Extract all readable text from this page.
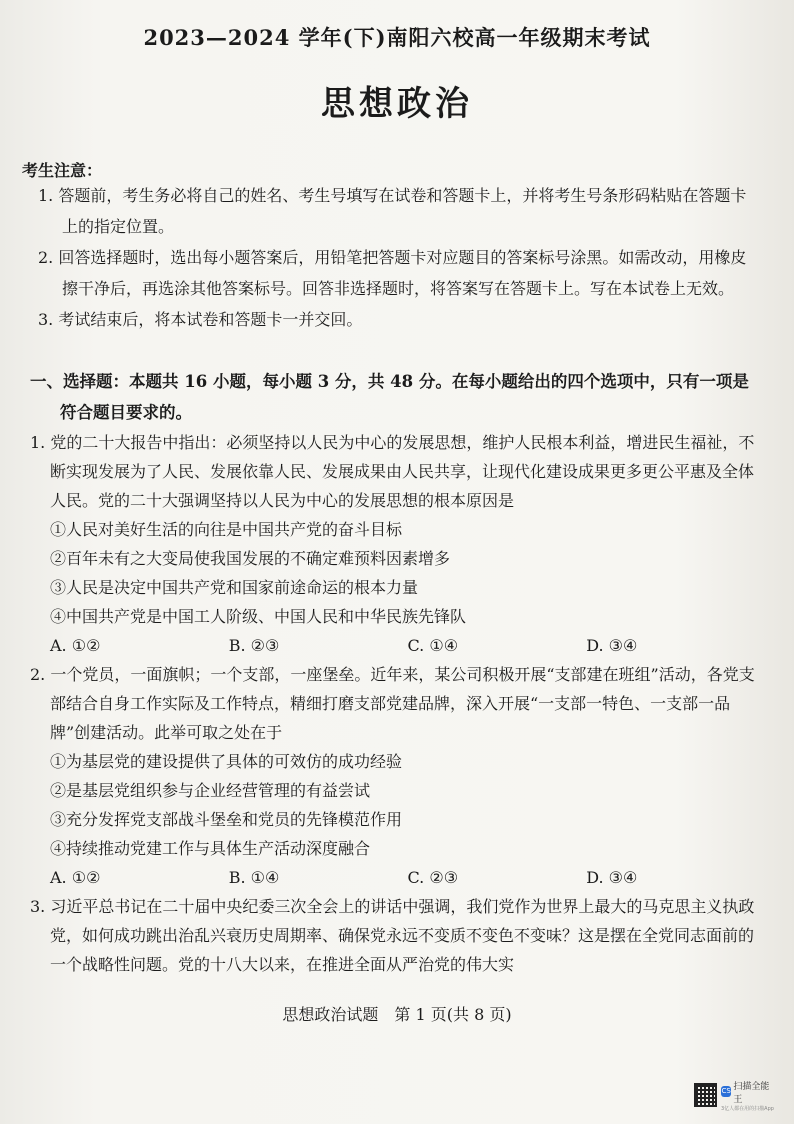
2023—2024 学年(下)南阳六校高一年级期末考试
思想政治
考生注意：
1. 答题前，考生务必将自己的姓名、考生号填写在试卷和答题卡上，并将考生号条形码粘贴在答题卡上的指定位置。
2. 回答选择题时，选出每小题答案后，用铅笔把答题卡对应题目的答案标号涂黑。如需改动，用橡皮擦干净后，再选涂其他答案标号。回答非选择题时，将答案写在答题卡上。写在本试卷上无效。
3. 考试结束后，将本试卷和答题卡一并交回。
一、选择题：本题共 16 小题，每小题 3 分，共 48 分。在每小题给出的四个选项中，只有一项是
符合题目要求的。
1. 党的二十大报告中指出：必须坚持以人民为中心的发展思想，维护人民根本利益，增进民生福祉，不断实现发展为了人民、发展依靠人民、发展成果由人民共享，让现代化建设成果更多更公平惠及全体人民。党的二十大强调坚持以人民为中心的发展思想的根本原因是
①人民对美好生活的向往是中国共产党的奋斗目标
②百年未有之大变局使我国发展的不确定难预料因素增多
③人民是决定中国共产党和国家前途命运的根本力量
④中国共产党是中国工人阶级、中国人民和中华民族先锋队
A. ①②	B. ②③	C. ①④	D. ③④
2. 一个党员，一面旗帜；一个支部，一座堡垒。近年来，某公司积极开展“支部建在班组”活动，各党支部结合自身工作实际及工作特点，精细打磨支部党建品牌，深入开展“一支部一特色、一支部一品牌”创建活动。此举可取之处在于
①为基层党的建设提供了具体的可效仿的成功经验
②是基层党组织参与企业经营管理的有益尝试
③充分发挥党支部战斗堡垒和党员的先锋模范作用
④持续推动党建工作与具体生产活动深度融合
A. ①②	B. ①④	C. ②③	D. ③④
3. 习近平总书记在二十届中央纪委三次全会上的讲话中强调，我们党作为世界上最大的马克思主义执政党，如何成功跳出治乱兴衰历史周期率、确保党永远不变质不变色不变味？这是摆在全党同志面前的一个战略性问题。党的十八大以来，在推进全面从严治党的伟大实
思想政治试题　第 1 页(共 8 页)
CS 扫描全能王
3亿人都在用的扫描App
